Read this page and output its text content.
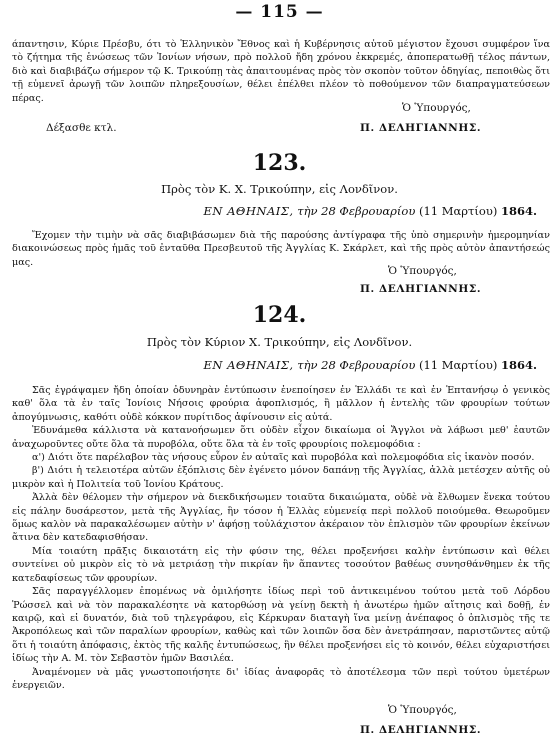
— 115 —

άπαντησιν, Κύριε Πρέσβυ, ότι τὸ Ἑλληνικὸν Ἔθνος καὶ ἡ Κυβέρνησις αὐτοῦ μέγιστον ἔχουσι συμφέρον ἵνα τὸ ζήτημα τῆς ἑνώσεως τῶν Ἰονίων νήσων, πρὸ πολλοῦ ἤδη χρόνου ἐκκρεμές, ἀποπερατωθῇ τέλος πάντων, διὸ καὶ διαβιβάζω σήμερον τῷ Κ. Τρικούπῃ τὰς ἀπαιτουμένας πρὸς τὸν σκοπὸν τοῦτον ὁδηγίας, πεποιθὼς ὅτι τῇ εὐμενεῖ ἀρωγῇ τῶν λοιπῶν πληρεξουσίων, θέλει ἐπέλθει πλέον τὸ ποθούμενον τῶν διαπραγματεύσεων πέρας.

Ὁ Ὑπουργός,
Δέξασθε κτλ.	Π. ΔΕΛΗΓΙΑΝΝΗΣ.
123.
Πρὸς τὸν Κ. Χ. Τρικούπην, εἰς Λονδῖνον.
ΕΝ ΑΘΗΝΑΙΣ, τὴν 28 Φεβρουαρίου (11 Μαρτίου) 1864.

Ἔχομεν τὴν τιμὴν νὰ σᾶς διαβιβάσωμεν διὰ τῆς παρούσης ἀντίγραφα τῆς ὑπὸ σημερινὴν ἡμερομηνίαν διακοινώσεως πρὸς ἡμᾶς τοῦ ἐνταῦθα Πρεσβευτοῦ τῆς Ἀγγλίας Κ. Σκάρλετ, καὶ τῆς πρὸς αὐτὸν ἀπαντήσεώς μας.

Ὁ Ὑπουργός,
Π. ΔΕΛΗΓΙΑΝΝΗΣ.
124.
Πρὸς τὸν Κύριον Χ. Τρικούπην, εἰς Λονδῖνον.
ΕΝ ΑΘΗΝΑΙΣ, τὴν 28 Φεβρουαρίου (11 Μαρτίου) 1864.

Σᾶς ἐγράψαμεν ἤδη ὁποίαν ὀδυνηρὰν ἐντύπωσιν ἐνεποίησεν ἐν Ἑλλάδι τε καὶ ἐν Ἑπτανήσῳ ὁ γενικὸς καθ' ὅλα τὰ ἐν ταῖς Ἰονίοις Νήσοις φρούρια ἀφοπλισμός, ἢ μᾶλλον ἡ ἐντελὴς τῶν φρουρίων τούτων ἀπογύμνωσις, καθότι οὐδὲ κόκκον πυρίτιδος ἀφίνουσιν εἰς αὐτά.

Ἐδυνάμεθα κάλλιστα νὰ κατανοήσωμεν ὅτι οὐδὲν εἶχον δικαίωμα οἱ Ἄγγλοι νὰ λάβωσι μεθ' ἑαυτῶν ἀναχωροῦντες οὔτε ὅλα τὰ πυροβόλα, οὔτε ὅλα τὰ ἐν τοῖς φρουρίοις πολεμοφόδια :

α') Διότι ὅτε παρέλαβον τὰς νήσους εὗρον ἐν αὐταῖς καὶ πυροβόλα καὶ πολεμοφόδια εἰς ἱκανὸν ποσόν.

β') Διότι ἡ τελειοτέρα αὐτῶν ἐξόπλισις δὲν ἐγένετο μόνον δαπάνῃ τῆς Ἀγγλίας, ἀλλὰ μετέσχεν αὐτῆς οὐ μικρὸν καὶ ἡ Πολιτεία τοῦ Ἰονίου Κράτους.

Ἀλλὰ δὲν θέλομεν τὴν σήμερον νὰ διεκδικήσωμεν τοιαῦτα δικαιώματα, οὐδὲ νὰ ἔλθωμεν ἕνεκα τούτου εἰς πάλην δυσάρεστον, μετὰ τῆς Ἀγγλίας, ἣν τόσον ἡ Ἑλλὰς εὐμενείᾳ περὶ πολλοῦ ποιούμεθα. Θεωροῦμεν ὅμως καλὸν νὰ παρακαλέσωμεν αὐτὴν ν' ἀφήσῃ τοὐλάχιστον ἀκέραιον τὸν ἐπλισμὸν τῶν φρουρίων ἐκείνων ἅτινα δὲν κατεδαφισθήσαν.

Μία τοιαύτη πρᾶξις δικαιοτάτη εἰς τὴν φύσιν της, θέλει προξενήσει καλὴν ἐντύπωσιν καὶ θέλει συντείνει οὐ μικρὸν εἰς τὸ νὰ μετριάσῃ τὴν πικρίαν ἣν ἅπαντες τοσούτον βαθέως συνησθάνθημεν ἐκ τῆς κατεδαφίσεως τῶν φρουρίων.

Σᾶς παραγγέλλομεν ἐπομένως νὰ ὁμιλήσητε ἰδίως περὶ τοῦ ἀντικειμένου τούτου μετὰ τοῦ Λόρδου Ῥώσσελ καὶ νὰ τὸν παρακαλέσητε νὰ κατορθώσῃ νὰ γείνῃ δεκτὴ ἡ ἀνωτέρω ἡμῶν αἴτησις καὶ δοθῇ, ἐν καιρῷ, καὶ εἰ δυνατόν, διὰ τοῦ τηλεγράφου, εἰς Κέρκυραν διαταγὴ ἵνα μείνῃ ἀνέπαφος ὁ ὁπλισμὸς τῆς τε Ἀκροπόλεως καὶ τῶν παραλίων φρουρίων, καθὼς καὶ τῶν λοιπῶν ὅσα δὲν ἀνετράπησαν, παριστῶντες αὐτῷ ὅτι ἡ τοιαύτη ἀπόφασις, ἐκτὸς τῆς καλῆς ἐντυπώσεως, ἣν θέλει προξενήσει εἰς τὸ κοινόν, θέλει εὐχαριστήσει ἰδίως τὴν Α. Μ. τὸν Σεβαστὸν ἡμῶν Βασιλέα.

Ἀναμένομεν νὰ μᾶς γνωστοποιήσητε δι' ἰδίας ἀναφορᾶς τὸ ἀποτέλεσμα τῶν περὶ τούτου ὑμετέρων ἐνεργειῶν.

Ὁ Ὑπουργός,
Π. ΔΕΛΗΓΙΑΝΝΗΣ.
